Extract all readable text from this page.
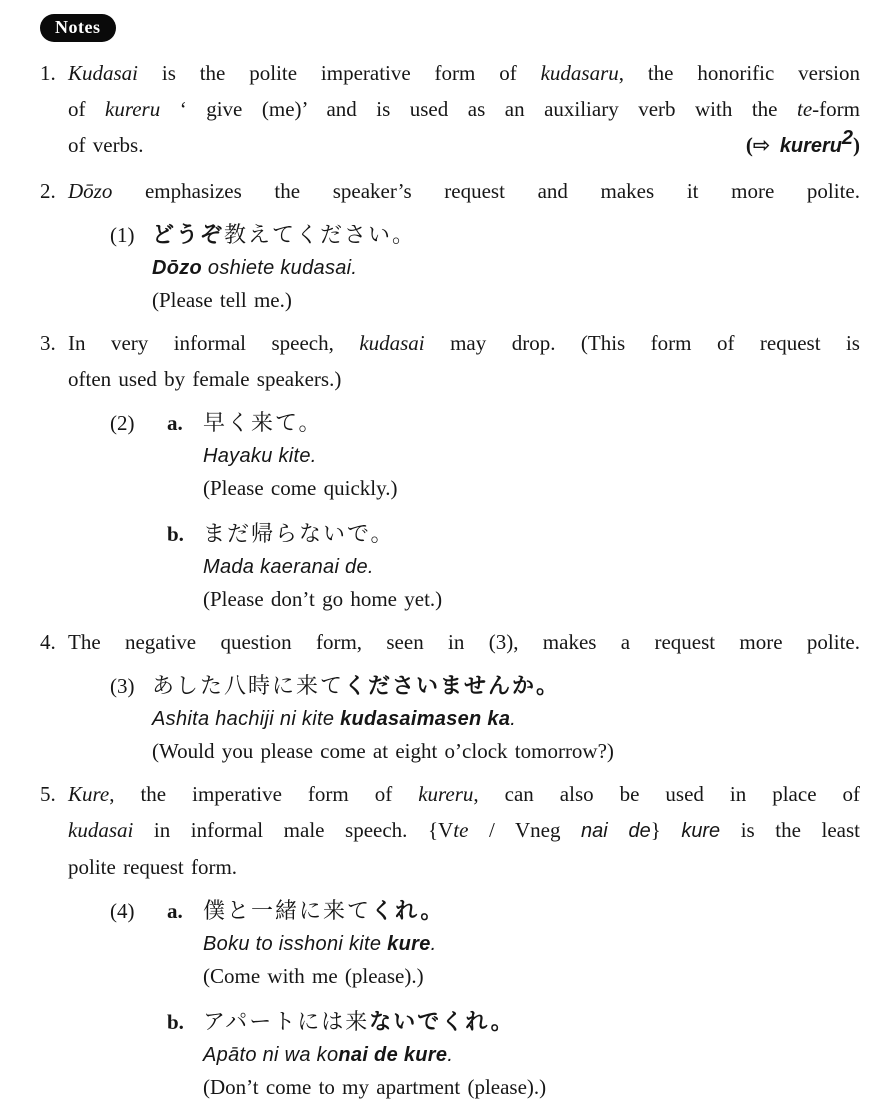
Notes
1. Kudasai is the polite imperative form of kudasaru, the honorific version
of kureru ‘ give (me)’ and is used as an auxiliary verb with the te-form
of verbs.	(⇨ kureru2)
2. Dōzo emphasizes the speaker’s request and makes it more polite.
(1) どうぞ教えてください。
Dōzo oshiete kudasai.
(Please tell me.)
3. In very informal speech, kudasai may drop. (This form of request is
often used by female speakers.)
(2)	a. 早く来て。
Hayaku kite.
(Please come quickly.)
b. まだ帰らないで。
Mada kaeranai de.
(Please don’t go home yet.)
4. The negative question form, seen in (3), makes a request more polite.
(3) あした八時に来てくださいませんか。
Ashita hachiji ni kite kudasaimasen ka.
(Would you please come at eight o’clock tomorrow?)
5. Kure, the imperative form of kureru, can also be used in place of
kudasai in informal male speech. {Vte / Vneg nai de} kure is the least
polite request form.
(4)	a. 僕と一緒に来てくれ。
Boku to isshoni kite kure.
(Come with me (please).)
b. アパートには来ないでくれ。
Apāto ni wa konai de kure.
(Don’t come to my apartment (please).)
